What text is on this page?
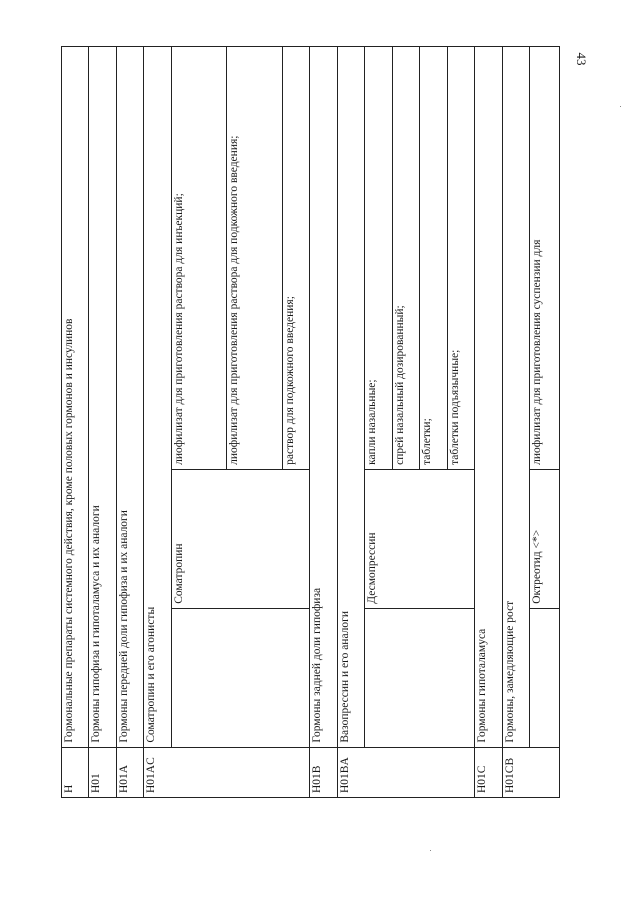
43
H	Гормональные препараты системного действия, кроме половых гормонов и инсулинов		
H01	Гормоны гипофиза и гипоталамуса и их аналоги		
H01A	Гормоны передней доли гипофиза и их аналоги		
H01AC	Соматропин и его агонисты		
		Соматропин	лиофилизат для приготовления раствора для инъекций;
			лиофилизат для приготовления раствора для подкожного введения;
			раствор для подкожного введения;
H01B	Гормоны задней доли гипофиза		
H01BA	Вазопрессин и его аналоги		
		Десмопрессин	капли назальные;
			спрей назальный дозированный;
			таблетки;
			таблетки подъязычные;
H01C	Гормоны гипоталамуса		
H01CB	Гормоны, замедляющие рост		
		Октреотид <*>	лиофилизат для приготовления суспензии для
